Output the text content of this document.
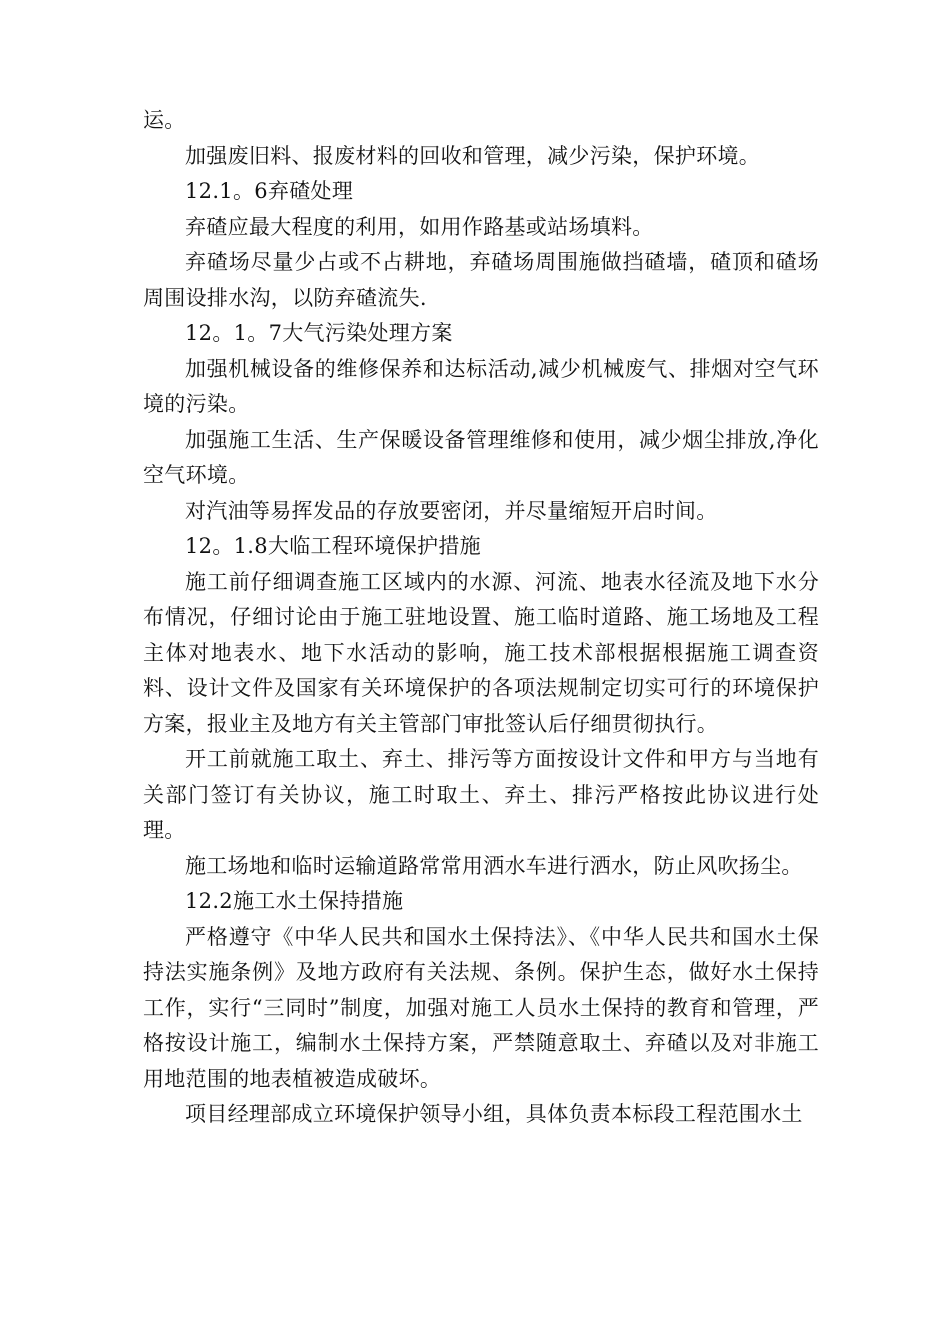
运。

加强废旧料、报废材料的回收和管理，减少污染，保护环境。

12.1。6弃碴处理

弃碴应最大程度的利用，如用作路基或站场填料。

弃碴场尽量少占或不占耕地，弃碴场周围施做挡碴墙，碴顶和碴场周围设排水沟，以防弃碴流失.

12。1。7大气污染处理方案

加强机械设备的维修保养和达标活动,减少机械废气、排烟对空气环境的污染。

加强施工生活、生产保暖设备管理维修和使用，减少烟尘排放,净化空气环境。

对汽油等易挥发品的存放要密闭，并尽量缩短开启时间。

12。1.8大临工程环境保护措施

施工前仔细调查施工区域内的水源、河流、地表水径流及地下水分布情况，仔细讨论由于施工驻地设置、施工临时道路、施工场地及工程主体对地表水、地下水活动的影响，施工技术部根据根据施工调查资料、设计文件及国家有关环境保护的各项法规制定切实可行的环境保护方案，报业主及地方有关主管部门审批签认后仔细贯彻执行。

开工前就施工取土、弃土、排污等方面按设计文件和甲方与当地有关部门签订有关协议，施工时取土、弃土、排污严格按此协议进行处理。

施工场地和临时运输道路常常用洒水车进行洒水，防止风吹扬尘。

12.2施工水土保持措施

严格遵守《中华人民共和国水土保持法》、《中华人民共和国水土保持法实施条例》及地方政府有关法规、条例。保护生态，做好水土保持工作，实行“三同时”制度，加强对施工人员水土保持的教育和管理，严格按设计施工，编制水土保持方案，严禁随意取土、弃碴以及对非施工用地范围的地表植被造成破坏。

项目经理部成立环境保护领导小组，具体负责本标段工程范围水土
